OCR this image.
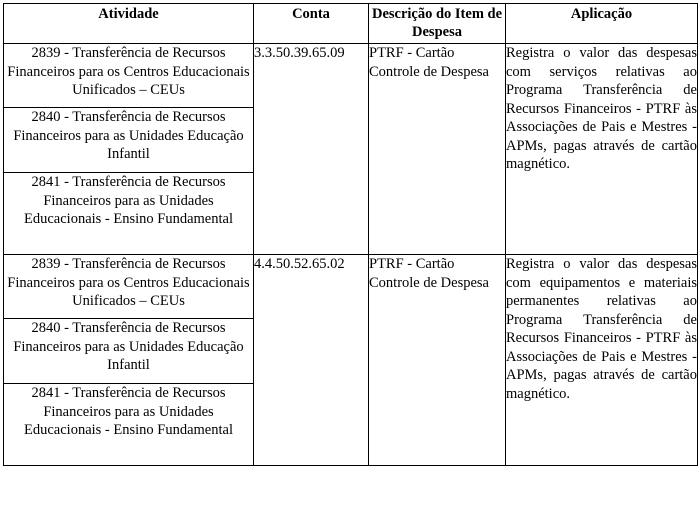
Atividade	Conta	Descrição do Item de Despesa	Aplicação

2839 - Transferência de Recursos Financeiros para os Centros Educacionais Unificados – CEUs	3.3.50.39.65.09	PTRF - Cartão Controle de Despesa	Registra o valor das despesas com serviços relativas ao Programa Transferência de Recursos Financeiros - PTRF às Associações de Pais e Mestres - APMs, pagas através de cartão magnético.

2840 - Transferência de Recursos Financeiros para as Unidades Educação Infantil			
2841 - Transferência de Recursos Financeiros para as Unidades Educacionais - Ensino Fundamental			
2839 - Transferência de Recursos Financeiros para os Centros Educacionais Unificados – CEUs	4.4.50.52.65.02	PTRF - Cartão Controle de Despesa	Registra o valor das despesas com equipamentos e materiais permanentes relativas ao Programa Transferência de Recursos Financeiros - PTRF às Associações de Pais e Mestres - APMs, pagas através de cartão magnético.

2840 - Transferência de Recursos Financeiros para as Unidades Educação Infantil			
2841 - Transferência de Recursos Financeiros para as Unidades Educacionais - Ensino Fundamental			
